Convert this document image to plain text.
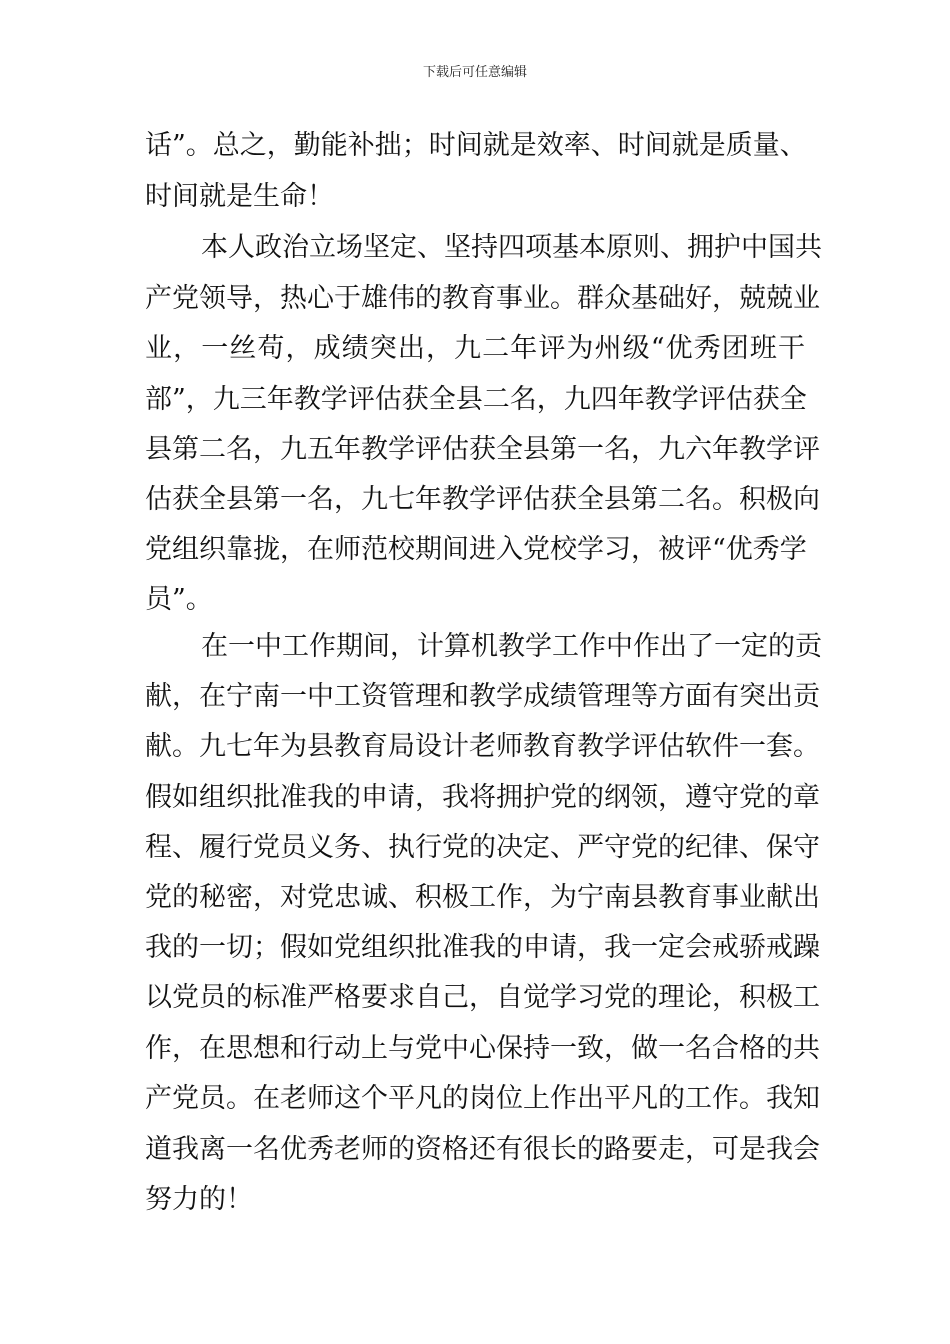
下载后可任意编辑
话”。总之，勤能补拙；时间就是效率、时间就是质量、
时间就是生命！
本人政治立场坚定、坚持四项基本原则、拥护中国共
产党领导，热心于雄伟的教育事业。群众基础好，兢兢业
业，一丝苟，成绩突出，九二年评为州级“优秀团班干
部”，九三年教学评估获全县二名，九四年教学评估获全
县第二名，九五年教学评估获全县第一名，九六年教学评
估获全县第一名，九七年教学评估获全县第二名。积极向
党组织靠拢，在师范校期间进入党校学习，被评“优秀学
员”。
在一中工作期间，计算机教学工作中作出了一定的贡
献，在宁南一中工资管理和教学成绩管理等方面有突出贡
献。九七年为县教育局设计老师教育教学评估软件一套。
假如组织批准我的申请，我将拥护党的纲领，遵守党的章
程、履行党员义务、执行党的决定、严守党的纪律、保守
党的秘密，对党忠诚、积极工作，为宁南县教育事业献出
我的一切；假如党组织批准我的申请，我一定会戒骄戒躁
以党员的标准严格要求自己，自觉学习党的理论，积极工
作，在思想和行动上与党中心保持一致，做一名合格的共
产党员。在老师这个平凡的岗位上作出平凡的工作。我知
道我离一名优秀老师的资格还有很长的路要走，可是我会
努力的！
